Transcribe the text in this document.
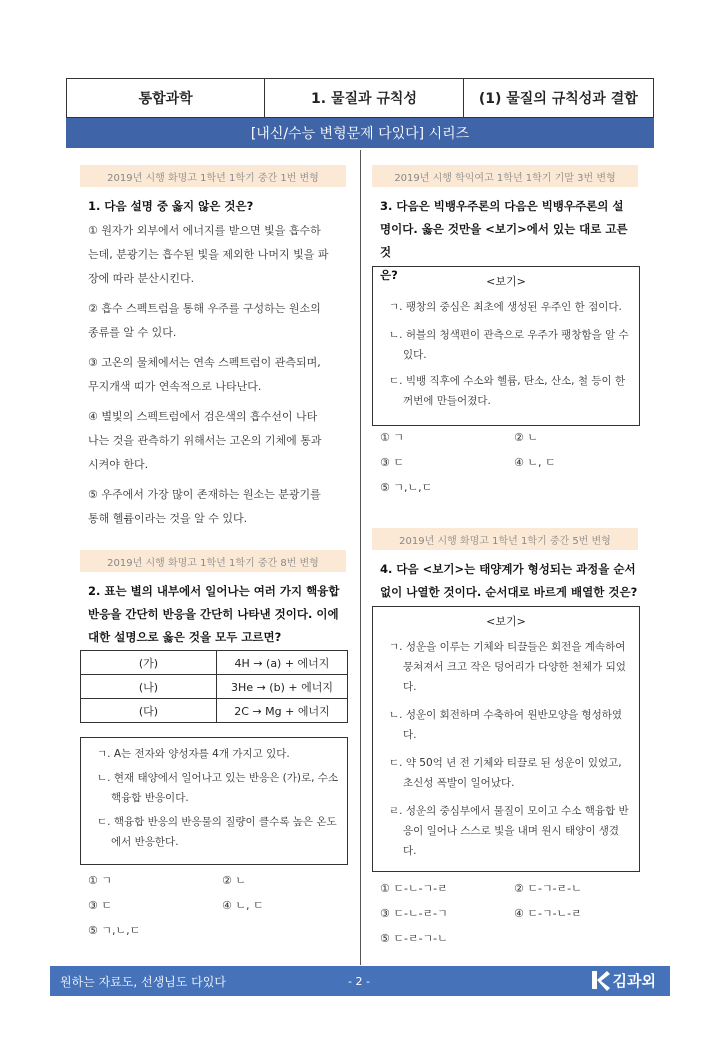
통합과학	1. 물질과 규칙성	(1) 물질의 규칙성과 결합
[내신/수능 변형문제 다있다] 시리즈
2019년 시행 화명고 1학년 1학기 중간 1번 변형
1. 다음 설명 중 옳지 않은 것은?
① 원자가 외부에서 에너지를 받으면 빛을 흡수하
는데, 분광기는 흡수된 빛을 제외한 나머지 빛을 파
장에 따라 분산시킨다.
② 흡수 스펙트럼을 통해 우주를 구성하는 원소의
종류를 알 수 있다.
③ 고온의 물체에서는 연속 스펙트럼이 관측되며,
무지개색 띠가 연속적으로 나타난다.
④ 별빛의 스펙트럼에서 검은색의 흡수선이 나타
나는 것을 관측하기 위해서는 고온의 기체에 통과
시켜야 한다.
⑤ 우주에서 가장 많이 존재하는 원소는 분광기를
통해 헬륨이라는 것을 알 수 있다.
2019년 시행 화명고 1학년 1학기 중간 8번 변형
2. 표는 별의 내부에서 일어나는 여러 가지 핵융합
반응을 간단히 반응을 간단히 나타낸 것이다. 이에
대한 설명으로 옳은 것을 모두 고르면?
(가)	4H → (a) + 에너지
(나)	3He → (b) + 에너지
(다)	2C → Mg + 에너지
ㄱ. A는 전자와 양성자를 4개 가지고 있다.
ㄴ. 현재 태양에서 일어나고 있는 반응은 (가)로, 수소 핵융합 반응이다.
ㄷ. 핵융합 반응의 반응물의 질량이 클수록 높은 온도에서 반응한다.
① ㄱ	② ㄴ
③ ㄷ	④ ㄴ, ㄷ
⑤ ㄱ,ㄴ,ㄷ
2019년 시행 학익여고 1학년 1학기 기말 3번 변형
3. 다음은 빅뱅우주론의 다음은 빅뱅우주론의 설
명이다. 옳은 것만을 <보기>에서 있는 대로 고른 것
은?	<보기>
ㄱ. 팽창의 중심은 최초에 생성된 우주인 한 점이다.
ㄴ. 허블의 청색편이 관측으로 우주가 팽창함을 알 수 있다.
ㄷ. 빅뱅 직후에 수소와 헬륨, 탄소, 산소, 철 등이 한꺼번에 만들어졌다.
① ㄱ	② ㄴ
③ ㄷ	④ ㄴ, ㄷ
⑤ ㄱ,ㄴ,ㄷ
2019년 시행 화명고 1학년 1학기 중간 5번 변형
4. 다음 <보기>는 태양계가 형성되는 과정을 순서
없이 나열한 것이다. 순서대로 바르게 배열한 것은?
<보기>
ㄱ. 성운을 이루는 기체와 티끌들은 회전을 계속하여 뭉쳐져서 크고 작은 덩어리가 다양한 천체가 되었다.
ㄴ. 성운이 회전하며 수축하여 원반모양을 형성하였다.
ㄷ. 약 50억 년 전 기체와 티끌로 된 성운이 있었고, 초신성 폭발이 일어났다.
ㄹ. 성운의 중심부에서 물질이 모이고 수소 핵융합 반응이 일어나 스스로 빛을 내며 원시 태양이 생겼다.
① ㄷ-ㄴ-ㄱ-ㄹ	② ㄷ-ㄱ-ㄹ-ㄴ
③ ㄷ-ㄴ-ㄹ-ㄱ	④ ㄷ-ㄱ-ㄴ-ㄹ
⑤ ㄷ-ㄹ-ㄱ-ㄴ
원하는 자료도, 선생님도 다있다	- 2 -	김과외
